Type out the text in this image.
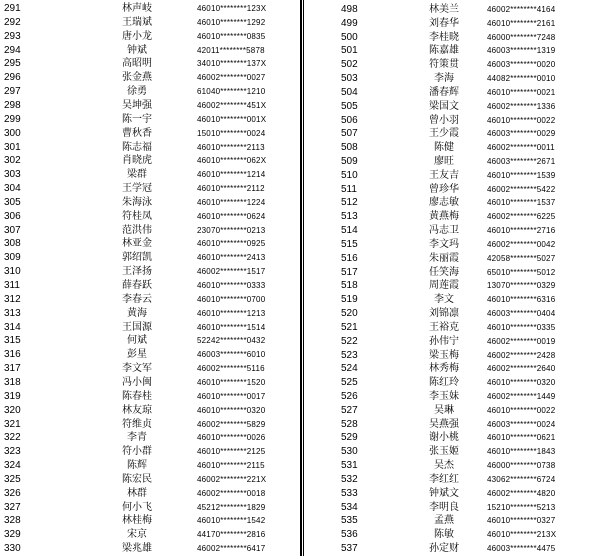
291	林声岐	46010********123X
292	王瑞斌	46010********1292
293	唐小龙	46010********0835
294	钟斌	42011********5878
295	高昭明	34010********137X
296	张金燕	46002********0027
297	徐勇	61040********1210
298	吴坤强	46002********451X
299	陈一宇	46010********001X
300	曹秋香	15010********0024
301	陈志福	46010********2113
302	肖晓虎	46010********062X
303	梁群	46010********1214
304	王学冠	46010********2112
305	朱海泳	46010********1224
306	符桂凤	46010********0624
307	范洪伟	23070********0213
308	林亚金	46010********0925
309	郭绍凯	46010********2413
310	王泽扬	46002********1517
311	薛春跃	46010********0333
312	李春云	46010********0700
313	黄海	46010********1213
314	王国源	46010********1514
315	何斌	52242********0432
316	彭星	46003********6010
317	李文军	46002********5116
318	冯小闽	46010********1520
319	陈春桂	46010********0017
320	林友琼	46010********0320
321	符维贞	46002********5829
322	李青	46010********0026
323	符小群	46010********2125
324	陈辉	46010********2115
325	陈宏民	46002********221X
326	林群	46002********0018
327	何小飞	45212********1829
328	林桂梅	46010********1542
329	宋京	44170********2816
330	梁兆雄	46002********6417
498	林美兰	46002********4164
499	刘春华	46010********2161
500	李桂晓	46000********7248
501	陈嘉雄	46003********1319
502	符策贯	46003********0020
503	李海	44082********0010
504	潘春辉	46010********0021
505	梁国文	46002********1336
506	曾小羽	46010********0022
507	王少霞	46003********0029
508	陈健	46002********0011
509	廖旺	46003********2671
510	王友吉	46010********1539
511	曾珍华	46002********5422
512	廖志敏	46010********1537
513	黄燕梅	46002********6225
514	冯志卫	46010********2716
515	李文玛	46002********0042
516	朱丽霞	42058********5027
517	任笑海	65010********5012
518	周莲霞	13070********0329
519	李文	46010********6316
520	刘锦凛	46003********0404
521	王裕克	46010********0335
522	孙伟宁	46002********0019
523	梁玉梅	46002********2428
524	林秀梅	46002********2640
525	陈红玲	46010********0320
526	李玉妹	46002********1449
527	吴琳	46010********0022
528	吴燕强	46003********0024
529	谢小桃	46010********0621
530	张玉姬	46010********1843
531	吴杰	46000********0738
532	李红红	43062********6724
533	钟斌文	46002********4820
534	李明良	15210********5213
535	孟燕	46010********0327
536	陈敏	46010********213X
537	孙定财	46003********4475
